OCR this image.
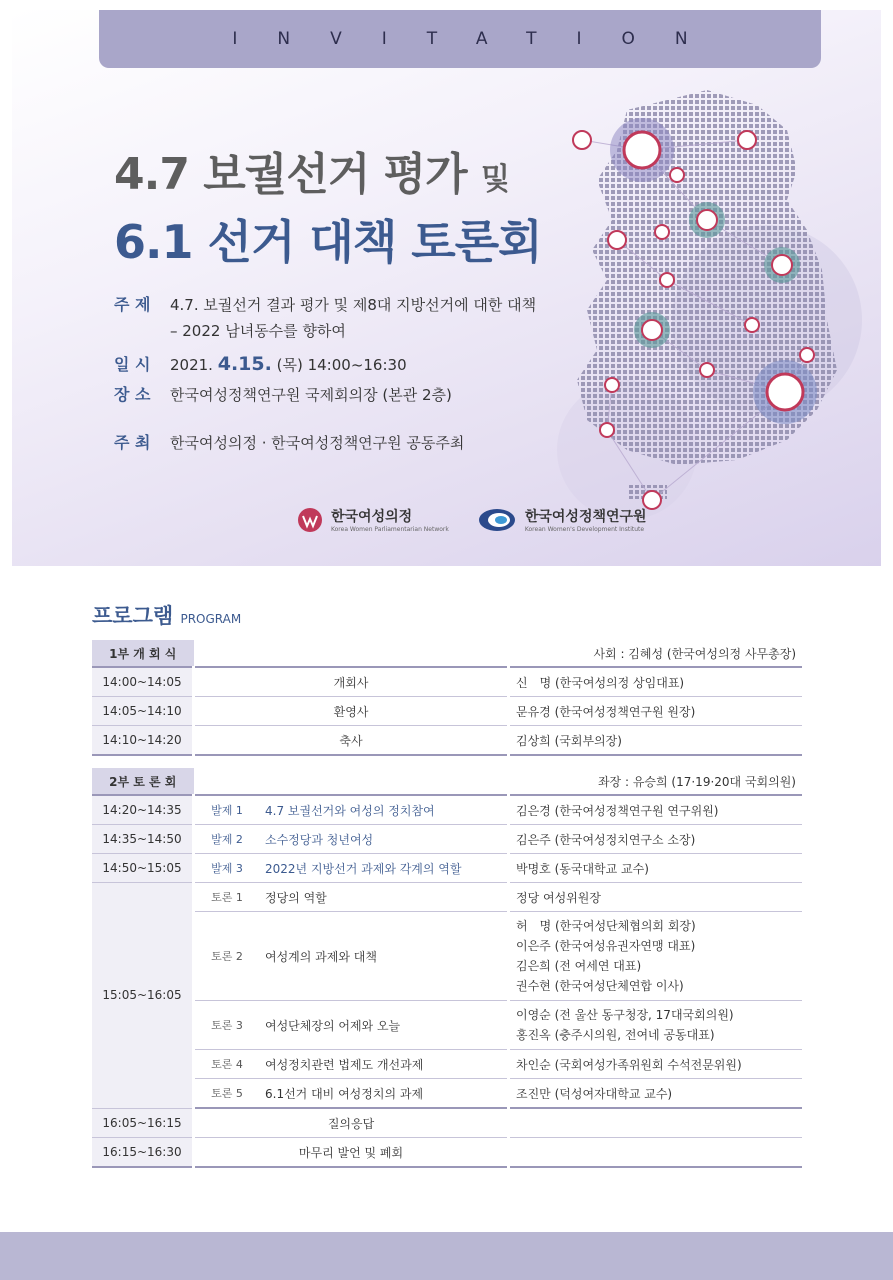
INVITATION
4.7 보궐선거 평가 및
6.1 선거 대책 토론회
주 제 4.7. 보궐선거 결과 평가 및 제8대 지방선거에 대한 대책
– 2022 남녀동수를 향하여
일 시 2021. 4.15. (목) 14:00~16:30
장 소 한국여성정책연구원 국제회의장 (본관 2층)
주 최 한국여성의정 · 한국여성정책연구원 공동주최
한국여성의정
Korea Women Parliamentarian Network
한국여성정책연구원
Korean Women's Development Institute
프로그램 PROGRAM
1부 개 회 식	사회 : 김혜성 (한국여성의정 사무총장)		
14:00~14:05	개회사		신　명 (한국여성의정 상임대표)
14:05~14:10	환영사		문유경 (한국여성정책연구원 원장)
14:10~14:20	축사		김상희 (국회부의장)

2부 토 론 회	좌장 : 유승희 (17·19·20대 국회의원)		
14:20~14:35	발제 1	4.7 보궐선거와 여성의 정치참여	김은경 (한국여성정책연구원 연구위원)
14:35~14:50	발제 2	소수정당과 청년여성	김은주 (한국여성정치연구소 소장)
14:50~15:05	발제 3	2022년 지방선거 과제와 각계의 역할	박명호 (동국대학교 교수)
15:05~16:05	토론 1	정당의 역할	정당 여성위원장
	토론 2	여성계의 과제와 대책	허　명 (한국여성단체협의회 회장)
이은주 (한국여성유권자연맹 대표)
김은희 (전 여세연 대표)
권수현 (한국여성단체연합 이사)

	토론 3	여성단체장의 어제와 오늘	이영순 (전 울산 동구청장, 17대국회의원)
홍진옥 (충주시의원, 전여네 공동대표)

	토론 4	여성정치관련 법제도 개선과제	차인순 (국회여성가족위원회 수석전문위원)
	토론 5	6.1선거 대비 여성정치의 과제	조진만 (덕성여자대학교 교수)
16:05~16:15	질의응답		
16:15~16:30	마무리 발언 및 폐회		
